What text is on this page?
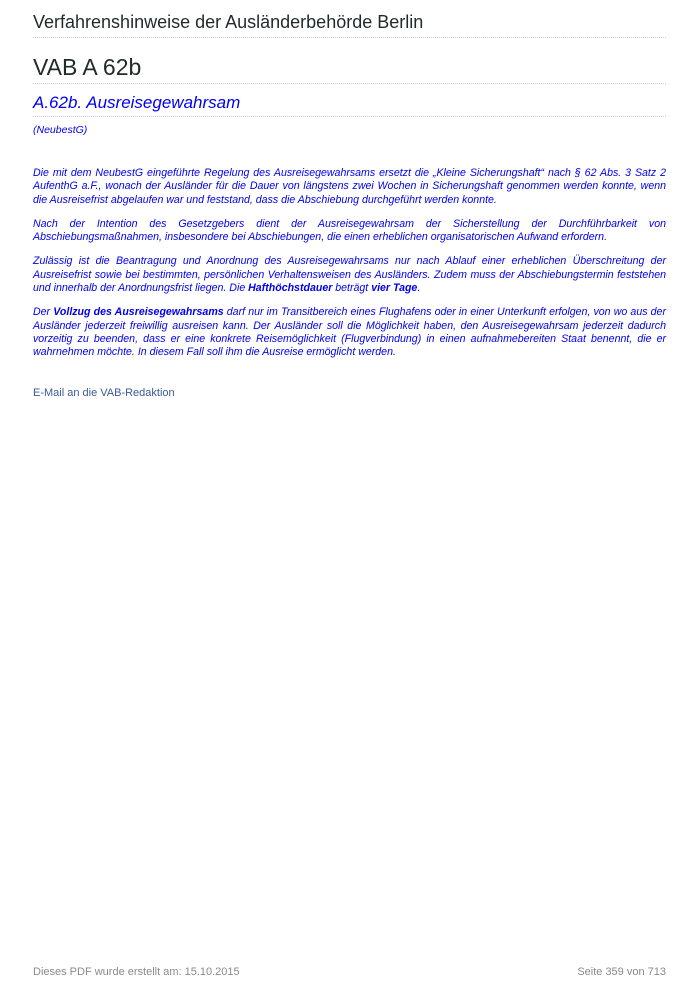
Verfahrenshinweise der Ausländerbehörde Berlin
VAB A 62b
A.62b. Ausreisegewahrsam
(NeubestG)

Die mit dem NeubestG eingeführte Regelung des Ausreisegewahrsams ersetzt die „Kleine Sicherungshaft“ nach § 62 Abs. 3 Satz 2 AufenthG a.F., wonach der Ausländer für die Dauer von längstens zwei Wochen in Sicherungshaft genommen werden konnte, wenn die Ausreisefrist abgelaufen war und feststand, dass die Abschiebung durchgeführt werden konnte.

Nach der Intention des Gesetzgebers dient der Ausreisegewahrsam der Sicherstellung der Durchführbarkeit von Abschiebungsmaßnahmen, insbesondere bei Abschiebungen, die einen erheblichen organisatorischen Aufwand erfordern.

Zulässig ist die Beantragung und Anordnung des Ausreisegewahrsams nur nach Ablauf einer erheblichen Überschreitung der Ausreisefrist sowie bei bestimmten, persönlichen Verhaltensweisen des Ausländers. Zudem muss der Abschiebungstermin feststehen und innerhalb der Anordnungsfrist liegen. Die Hafthöchstdauer beträgt vier Tage.

Der Vollzug des Ausreisegewahrsams darf nur im Transitbereich eines Flughafens oder in einer Unterkunft erfolgen, von wo aus der Ausländer jederzeit freiwillig ausreisen kann. Der Ausländer soll die Möglichkeit haben, den Ausreisegewahrsam jederzeit dadurch vorzeitig zu beenden, dass er eine konkrete Reisemöglichkeit (Flugverbindung) in einen aufnahmebereiten Staat benennt, die er wahrnehmen möchte. In diesem Fall soll ihm die Ausreise ermöglicht werden.

E-Mail an die VAB-Redaktion
Dieses PDF wurde erstellt am: 15.10.2015	Seite 359 von 713
